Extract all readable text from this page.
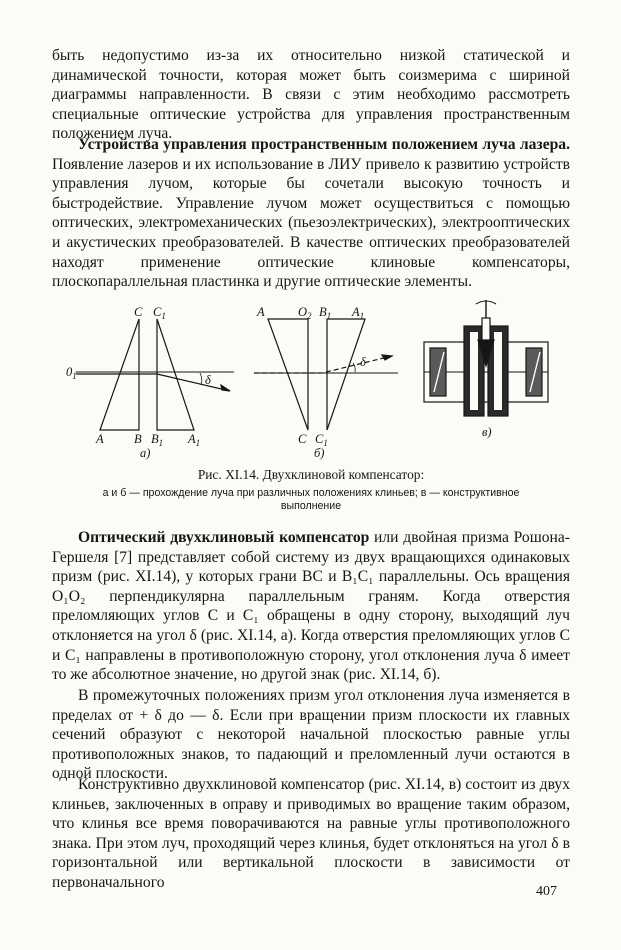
быть недопустимо из-за их относительно низкой статической и динамической точности, которая может быть соизмерима с шириной диаграммы направленности. В связи с этим необходимо рассмотреть специальные оптические устройства для управления пространственным положением луча.

Устройства управления пространственным положением луча лазера. Появление лазеров и их использование в ЛИУ привело к развитию устройств управления лучом, которые бы сочетали высокую точность и быстродействие. Управление лучом может осуществиться с помощью оптических, электромеханических (пьезоэлектрических), электрооптических и акустических преобразователей. В качестве оптических преобразователей находят применение оптические клиновые компенсаторы, плоскопараллельная пластинка и другие оптические элементы.

C $C_1$
$0_1$	δ
A B $B_1$ $A_1$
a)
A	$O_2$ $B_1$ $A_1$
δ
C $C_1$
б)
в)
Рис. XI.14. Двухклиновой компенсатор:
а и б — прохождение луча при различных положениях клиньев; в — конструктивное выполнение

Оптический двухклиновый компенсатор или двойная призма Рошона-Гершеля [7] представляет собой систему из двух вращающихся одинаковых призм (рис. XI.14), у которых грани BC и B₁C₁ параллельны. Ось вращения O₁O₂ перпендикулярна параллельным граням. Когда отверстия преломляющих углов C и C₁ обращены в одну сторону, выходящий луч отклоняется на угол δ (рис. XI.14, а). Когда отверстия преломляющих углов C и C₁ направлены в противоположную сторону, угол отклонения луча δ имеет то же абсолютное значение, но другой знак (рис. XI.14, б).

В промежуточных положениях призм угол отклонения луча изменяется в пределах от + δ до — δ. Если при вращении призм плоскости их главных сечений образуют с некоторой начальной плоскостью равные углы противоположных знаков, то падающий и преломленный лучи остаются в одной плоскости.

Конструктивно двухклиновой компенсатор (рис. XI.14, в) состоит из двух клиньев, заключенных в оправу и приводимых во вращение таким образом, что клинья все время поворачиваются на равные углы противоположного знака. При этом луч, проходящий через клинья, будет отклоняться на угол δ в горизонтальной или вертикальной плоскости в зависимости от первоначального

407
